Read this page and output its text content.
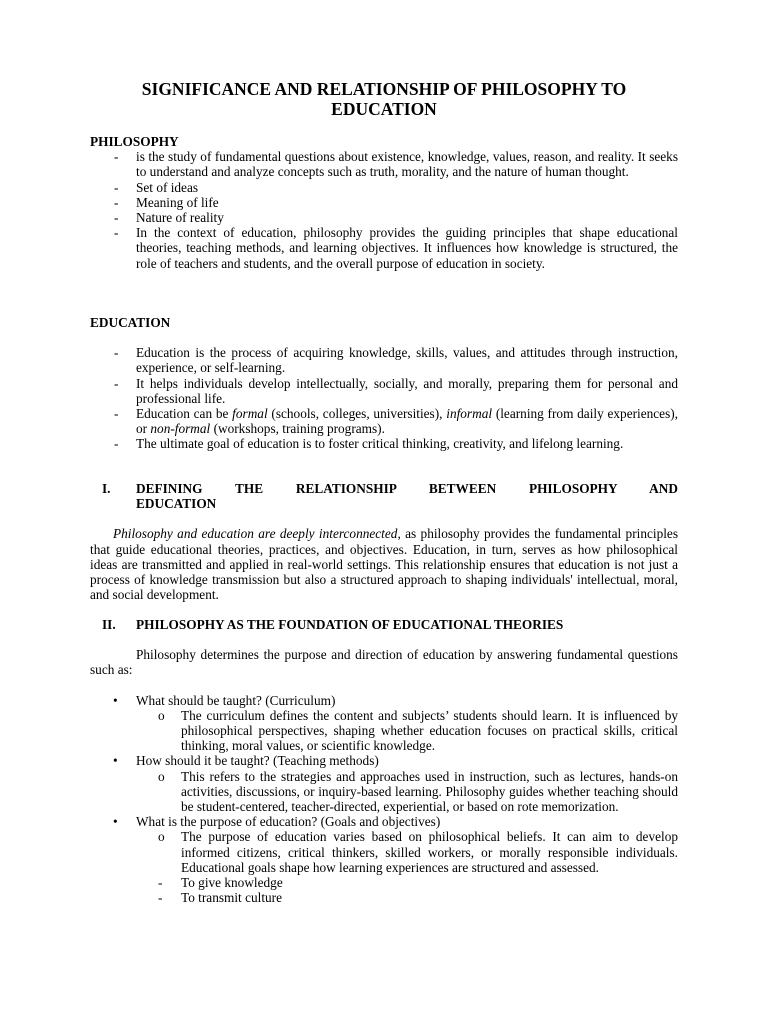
SIGNIFICANCE AND RELATIONSHIP OF PHILOSOPHY TO EDUCATION
PHILOSOPHY
- is the study of fundamental questions about existence, knowledge, values, reason, and reality. It seeks to understand and analyze concepts such as truth, morality, and the nature of human thought.
- Set of ideas
- Meaning of life
- Nature of reality
- In the context of education, philosophy provides the guiding principles that shape educational theories, teaching methods, and learning objectives. It influences how knowledge is structured, the role of teachers and students, and the overall purpose of education in society.
EDUCATION
- Education is the process of acquiring knowledge, skills, values, and attitudes through instruction, experience, or self-learning.
- It helps individuals develop intellectually, socially, and morally, preparing them for personal and professional life.
- Education can be formal (schools, colleges, universities), informal (learning from daily experiences), or non-formal (workshops, training programs).
- The ultimate goal of education is to foster critical thinking, creativity, and lifelong learning.
I. DEFINING THE RELATIONSHIP BETWEEN PHILOSOPHY AND
EDUCATION

Philosophy and education are deeply interconnected, as philosophy provides the fundamental principles that guide educational theories, practices, and objectives. Education, in turn, serves as how philosophical ideas are transmitted and applied in real-world settings. This relationship ensures that education is not just a process of knowledge transmission but also a structured approach to shaping individuals' intellectual, moral, and social development.

II. PHILOSOPHY AS THE FOUNDATION OF EDUCATIONAL THEORIES

Philosophy determines the purpose and direction of education by answering fundamental questions such as:

• What should be taught? (Curriculum)
o The curriculum defines the content and subjects’ students should learn. It is influenced by philosophical perspectives, shaping whether education focuses on practical skills, critical thinking, moral values, or scientific knowledge.
• How should it be taught? (Teaching methods)
o This refers to the strategies and approaches used in instruction, such as lectures, hands-on activities, discussions, or inquiry-based learning. Philosophy guides whether teaching should be student-centered, teacher-directed, experiential, or based on rote memorization.
• What is the purpose of education? (Goals and objectives)
o The purpose of education varies based on philosophical beliefs. It can aim to develop informed citizens, critical thinkers, skilled workers, or morally responsible individuals. Educational goals shape how learning experiences are structured and assessed.
- To give knowledge
- To transmit culture
